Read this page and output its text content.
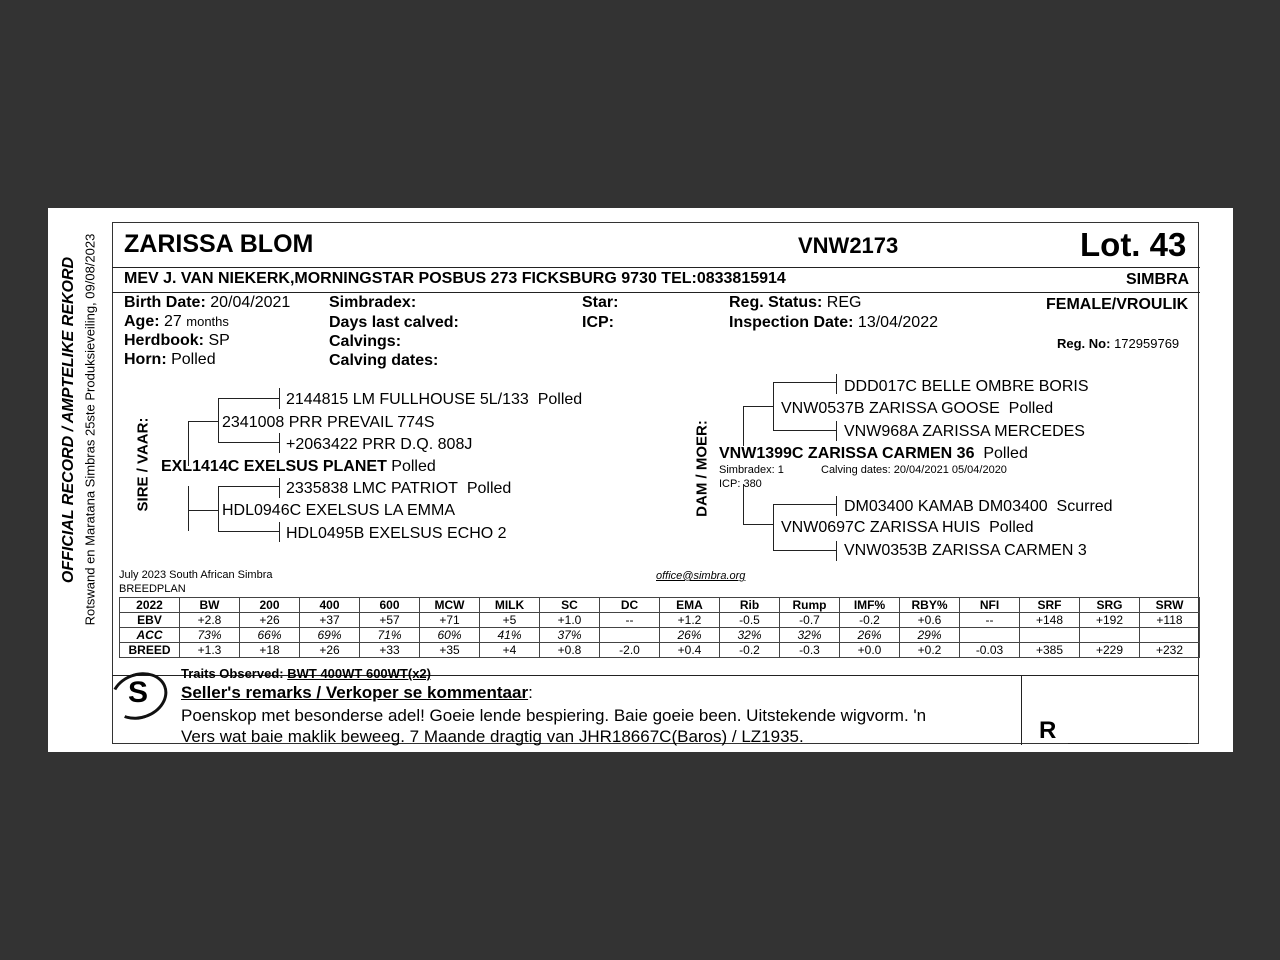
OFFICIAL RECORD / AMPTELIKE REKORD Rotswand en Maratana Simbras 25ste Produksieveiling, 09/08/2023 ZARISSA BLOM	VNW2173	Lot. 43
MEV J. VAN NIEKERK,MORNINGSTAR POSBUS 273 FICKSBURG 9730 TEL:0833815914	SIMBRA
Birth Date: 20/04/2021
Age: 27 months
Herdbook: SP
Horn: Polled
Simbradex:
Days last calved:
Calvings:
Calving dates:
Star:
ICP:
Reg. Status: REG
Inspection Date: 13/04/2022
FEMALE/VROULIK
Reg. No: 172959769
SIRE / VAAR:
2144815 LM FULLHOUSE 5L/133 Polled
2341008 PRR PREVAIL 774S
+2063422 PRR D.Q. 808J
EXL1414C EXELSUS PLANET Polled
2335838 LMC PATRIOT Polled
HDL0946C EXELSUS LA EMMA
HDL0495B EXELSUS ECHO 2
DAM / MOER:
DDD017C BELLE OMBRE BORIS
VNW0537B ZARISSA GOOSE Polled
VNW968A ZARISSA MERCEDES
VNW1399C ZARISSA CARMEN 36 Polled
Simbradex: 1	Calving dates: 20/04/2021 05/04/2020
ICP: 380
DM03400 KAMAB DM03400 Scurred
VNW0697C ZARISSA HUIS Polled
VNW0353B ZARISSA CARMEN 3
July 2023 South African Simbra
BREEDPLAN
office@simbra.org
2022	BW	200	400	600	MCW	MILK	SC	DC	EMA	Rib	Rump	IMF%	RBY%	NFI	SRF	SRG	SRW
EBV	+2.8	+26	+37	+57	+71	+5	+1.0	--	+1.2	-0.5	-0.7	-0.2	+0.6	--	+148	+192	+118
ACC	73%	66%	69%	71%	60%	41%	37%		26%	32%	32%	26%	29%				
BREED	+1.3	+18	+26	+33	+35	+4	+0.8	-2.0	+0.4	-0.2	-0.3	+0.0	+0.2	-0.03	+385	+229	+232
Traits Observed: BWT 400WT 600WT(x2)
S Seller's remarks / Verkoper se kommentaar:
Poenskop met besonderse adel! Goeie lende bespiering. Baie goeie been. Uitstekende wigvorm. 'n
Vers wat baie maklik beweeg. 7 Maande dragtig van JHR18667C(Baros) / LZ1935.	R
